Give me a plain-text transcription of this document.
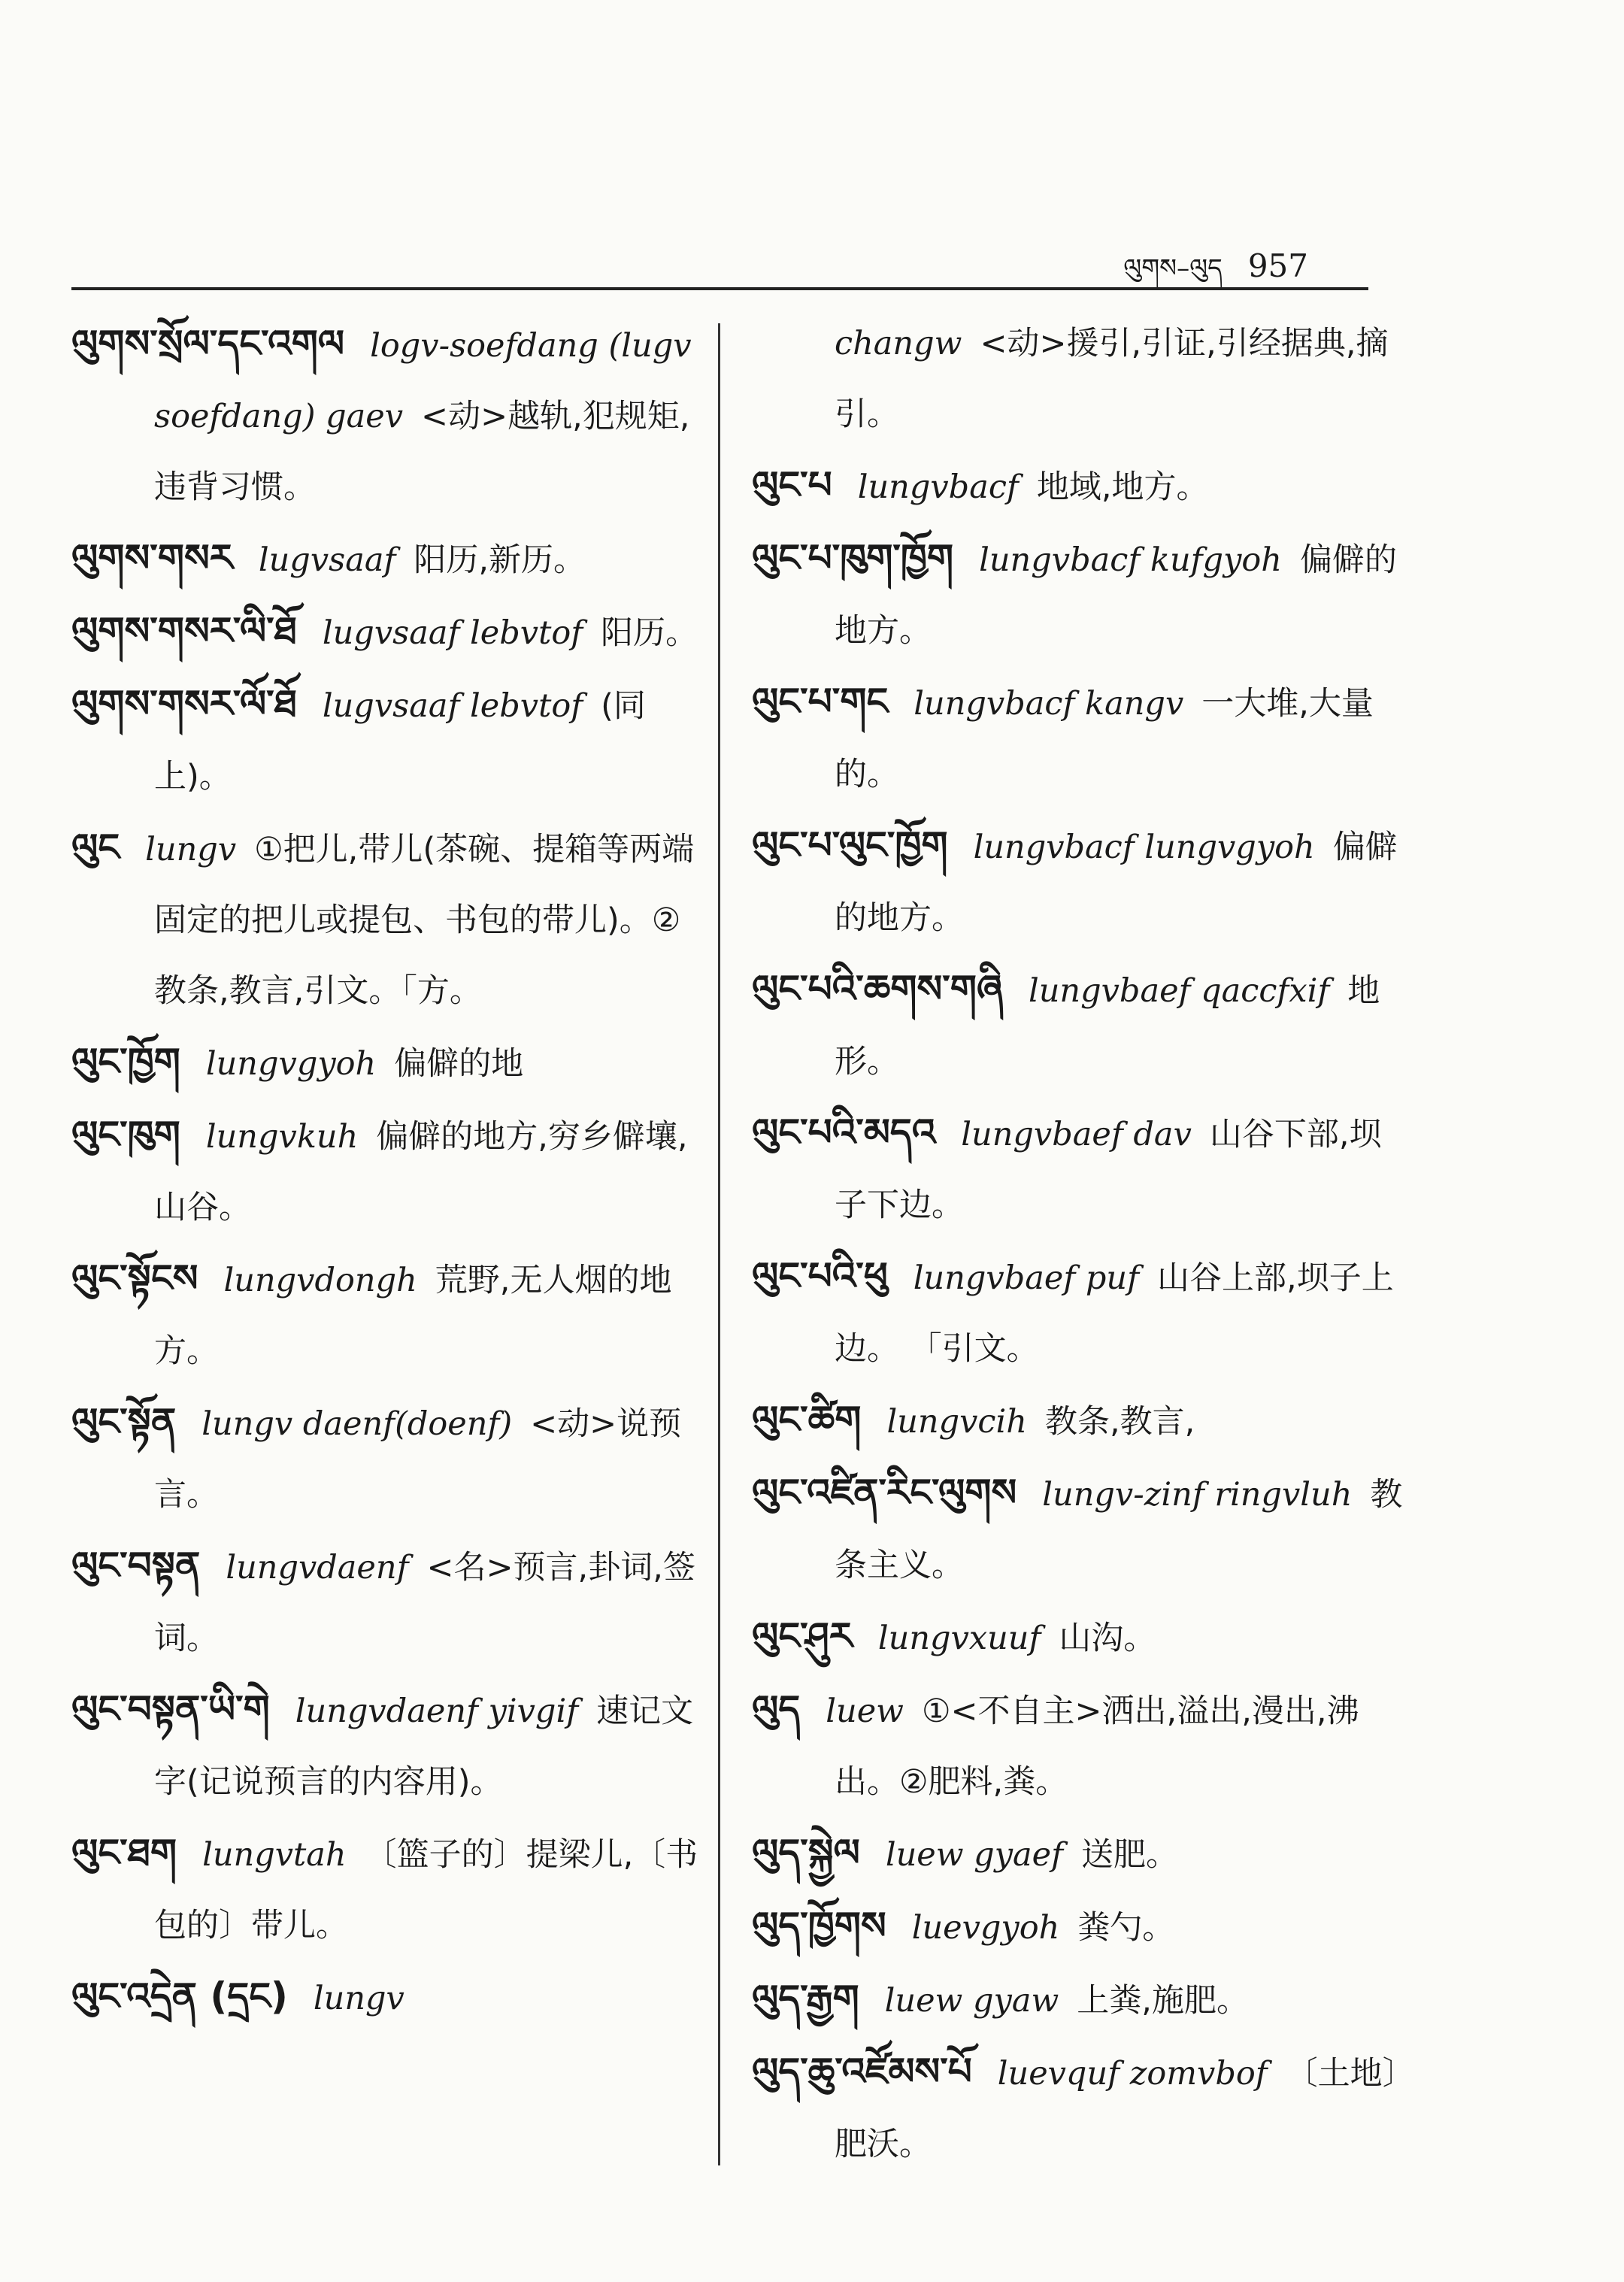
ལུགས–ལུད 957

ལུགས་སྲོལ་དང་འགལ logv-soefdang (lugvsoefdang) gaev <动>越轨,犯规矩,违背习惯。

ལུགས་གསར lugvsaaf 阳历,新历。

ལུགས་གསར་ལི་ཐོ lugvsaaf lebvtof 阳历。

ལུགས་གསར་ལོ་ཐོ lugvsaaf lebvtof (同上)。

ལུང lungv ①把儿,带儿(茶碗、提箱等两端固定的把儿或提包、书包的带儿)。②教条,教言,引文。「方。

ལུང་ཁྱོག lungvgyoh 偏僻的地

ལུང་ཁུག lungvkuh 偏僻的地方,穷乡僻壤,山谷。

ལུང་སྟོངས lungvdongh 荒野,无人烟的地方。

ལུང་སྟོན lungv daenf(doenf) <动>说预言。

ལུང་བསྟན lungvdaenf <名>预言,卦词,签词。

ལུང་བསྟན་ཡི་གེ lungvdaenf yivgif 速记文字(记说预言的内容用)。

ལུང་ཐག lungvtah 〔篮子的〕提梁儿,〔书包的〕带儿。

ལུང་འདྲེན (དྲང) lungv

changw <动>援引,引证,引经据典,摘引。

ལུང་པ lungvbacf 地域,地方。

ལུང་པ་ཁུག་ཁྱོག lungvbacf kufgyoh 偏僻的地方。

ལུང་པ་གང lungvbacf kangv 一大堆,大量的。

ལུང་པ་ལུང་ཁྱོག lungvbacf lungvgyoh 偏僻的地方。

ལུང་པའི་ཆགས་གཞི lungvbaef qaccfxif 地形。

ལུང་པའི་མདའ lungvbaef dav 山谷下部,坝子下边。

ལུང་པའི་ཕུ lungvbaef puf 山谷上部,坝子上边。 「引文。

ལུང་ཚིག lungvcih 教条,教言,

ལུང་འཛིན་རིང་ལུགས lungv-zinf ringvluh 教条主义。

ལུང་ཤུར lungvxuuf 山沟。

ལུད luew ①<不自主>洒出,溢出,漫出,沸出。②肥料,粪。

ལུད་སྐྱེལ luew gyaef 送肥。

ལུད་ཁྱོགས luevgyoh 粪勺。

ལུད་རྒྱག luew gyaw 上粪,施肥。

ལུད་ཆུ་འཛོམས་པོ luevquf zomvbof 〔土地〕肥沃。
